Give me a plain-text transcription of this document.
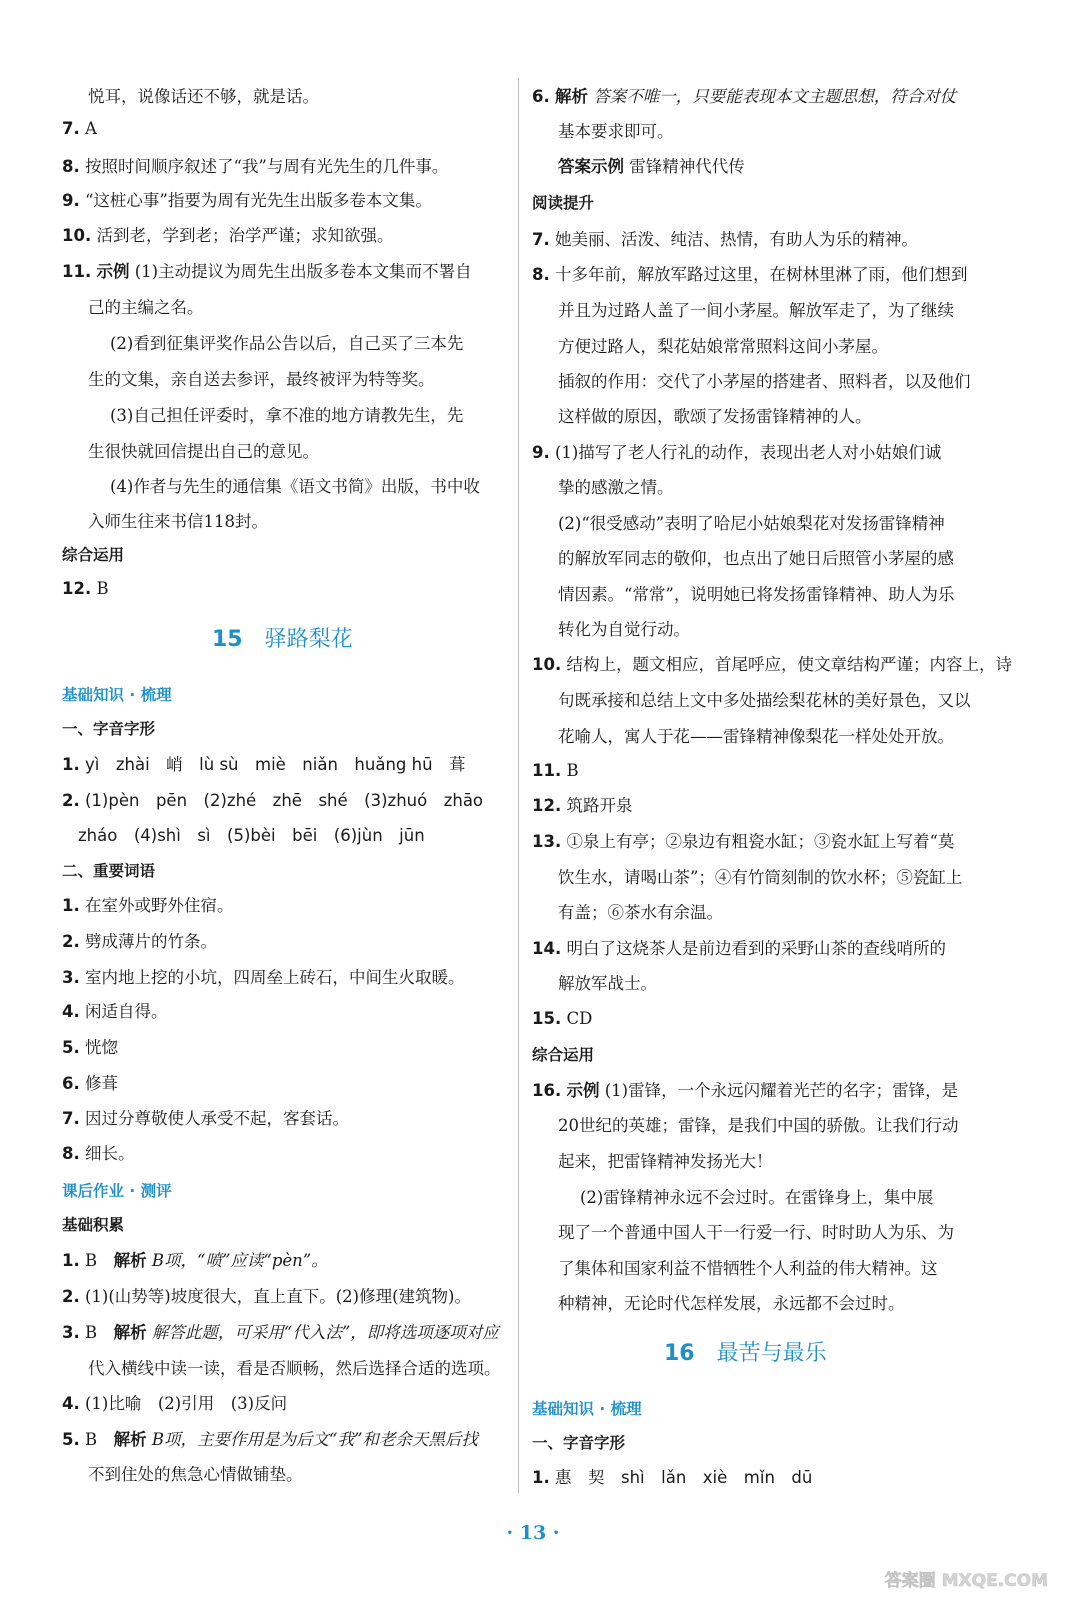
悦耳，说像话还不够，就是话。
7. A
8. 按照时间顺序叙述了“我”与周有光先生的几件事。
9. “这桩心事”指要为周有光先生出版多卷本文集。
10. 活到老，学到老；治学严谨；求知欲强。
11. 示例 (1)主动提议为周先生出版多卷本文集而不署自
己的主编之名。
(2)看到征集评奖作品公告以后，自己买了三本先
生的文集，亲自送去参评，最终被评为特等奖。
(3)自己担任评委时，拿不准的地方请教先生，先
生很快就回信提出自己的意见。
(4)作者与先生的通信集《语文书简》出版，书中收
入师生往来书信118封。
综合运用
12. B
15 驿路梨花
基础知识 · 梳理
一、字音字形
1. yì　zhài　峭　lù sù　miè　niǎn　huǎng hū　葺
2. (1)pèn　pēn　(2)zhé　zhē　shé　(3)zhuó　zhāo
zháo　(4)shì　sì　(5)bèi　bēi　(6)jùn　jūn
二、重要词语
1. 在室外或野外住宿。
2. 劈成薄片的竹条。
3. 室内地上挖的小坑，四周垒上砖石，中间生火取暖。
4. 闲适自得。
5. 恍惚
6. 修葺
7. 因过分尊敬使人承受不起，客套话。
8. 细长。
课后作业 · 测评
基础积累
1. B　 解析 B项，“喷”应读“pèn”。
2. (1)(山势等)坡度很大，直上直下。(2)修理(建筑物)。
3. B　 解析 解答此题，可采用“代入法”，即将选项逐项对应
代入横线中读一读，看是否顺畅，然后选择合适的选项。
4. (1)比喻　(2)引用　(3)反问
5. B　 解析 B项，主要作用是为后文“我”和老余天黑后找
不到住处的焦急心情做铺垫。
6. 解析 答案不唯一，只要能表现本文主题思想，符合对仗
基本要求即可。
答案示例 雷锋精神代代传
阅读提升
7. 她美丽、活泼、纯洁、热情，有助人为乐的精神。
8. 十多年前，解放军路过这里，在树林里淋了雨，他们想到
并且为过路人盖了一间小茅屋。解放军走了，为了继续
方便过路人，梨花姑娘常常照料这间小茅屋。
插叙的作用：交代了小茅屋的搭建者、照料者，以及他们
这样做的原因，歌颂了发扬雷锋精神的人。
9. (1)描写了老人行礼的动作，表现出老人对小姑娘们诚
挚的感激之情。
(2)“很受感动”表明了哈尼小姑娘梨花对发扬雷锋精神
的解放军同志的敬仰，也点出了她日后照管小茅屋的感
情因素。“常常”，说明她已将发扬雷锋精神、助人为乐
转化为自觉行动。
10. 结构上，题文相应，首尾呼应，使文章结构严谨；内容上，诗
句既承接和总结上文中多处描绘梨花林的美好景色，又以
花喻人，寓人于花——雷锋精神像梨花一样处处开放。
11. B
12. 筑路开泉
13. ①泉上有亭；②泉边有粗瓷水缸；③瓷水缸上写着“莫
饮生水，请喝山茶”；④有竹筒刻制的饮水杯；⑤瓷缸上
有盖；⑥茶水有余温。
14. 明白了这烧茶人是前边看到的采野山茶的查线哨所的
解放军战士。
15. CD
综合运用
16. 示例 (1)雷锋，一个永远闪耀着光芒的名字；雷锋，是
20世纪的英雄；雷锋，是我们中国的骄傲。让我们行动
起来，把雷锋精神发扬光大！
(2)雷锋精神永远不会过时。在雷锋身上，集中展
现了一个普通中国人干一行爱一行、时时助人为乐、为
了集体和国家利益不惜牺牲个人利益的伟大精神。这
种精神，无论时代怎样发展，永远都不会过时。
16 最苦与最乐
基础知识 · 梳理
一、字音字形
1. 惠　契　shì　lǎn　xiè　mǐn　dū
· 13 ·
答案圈 MXQE.COM
